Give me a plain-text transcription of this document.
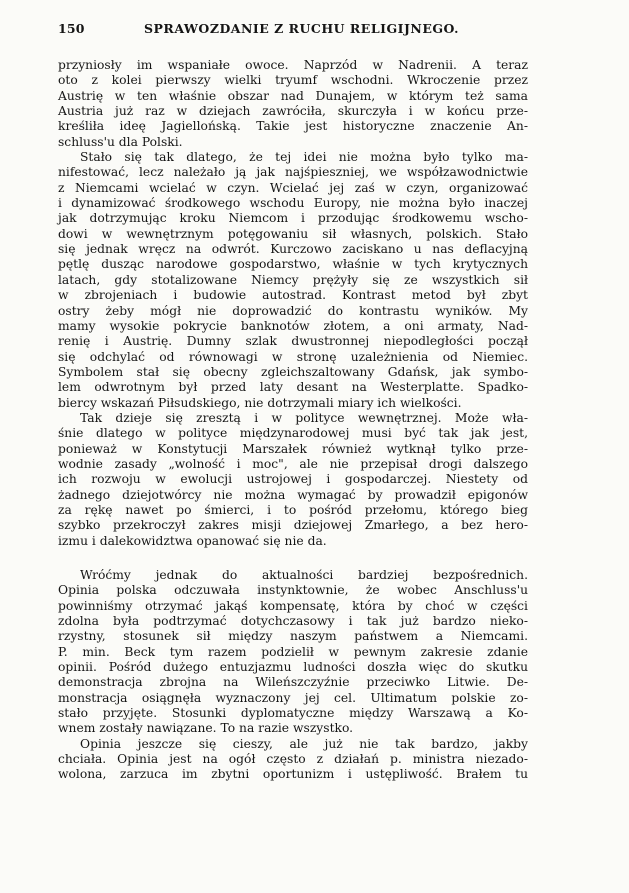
150	SPRAWOZDANIE Z RUCHU RELIGIJNEGO.
przyniosły im wspaniałe owoce. Naprzód w Nadrenii. A teraz
oto z kolei pierwszy wielki tryumf wschodni. Wkroczenie przez
Austrię w ten właśnie obszar nad Dunajem, w którym też sama
Austria już raz w dziejach zawróciła, skurczyła i w końcu prze-
kreśliła ideę Jagiellońską. Takie jest historyczne znaczenie An-
schluss'u dla Polski.
Stało się tak dlatego, że tej idei nie można było tylko ma-
nifestować, lecz należało ją jak najśpieszniej, we współzawodnictwie
z Niemcami wcielać w czyn. Wcielać jej zaś w czyn, organizować
i dynamizować środkowego wschodu Europy, nie można było inaczej
jak dotrzymując kroku Niemcom i przodując środkowemu wscho-
dowi w wewnętrznym potęgowaniu sił własnych, polskich. Stało
się jednak wręcz na odwrót. Kurczowo zaciskano u nas deflacyjną
pętlę dusząc narodowe gospodarstwo, właśnie w tych krytycznych
latach, gdy stotalizowane Niemcy prężyły się ze wszystkich sił
w zbrojeniach i budowie autostrad. Kontrast metod był zbyt
ostry żeby mógł nie doprowadzić do kontrastu wyników. My
mamy wysokie pokrycie banknotów złotem, a oni armaty, Nad-
renię i Austrię. Dumny szlak dwustronnej niepodległości począł
się odchylać od równowagi w stronę uzależnienia od Niemiec.
Symbolem stał się obecny zgleichszaltowany Gdańsk, jak symbo-
lem odwrotnym był przed laty desant na Westerplatte. Spadko-
biercy wskazań Piłsudskiego, nie dotrzymali miary ich wielkości.
Tak dzieje się zresztą i w polityce wewnętrznej. Może wła-
śnie dlatego w polityce międzynarodowej musi być tak jak jest,
ponieważ w Konstytucji Marszałek również wytknął tylko prze-
wodnie zasady „wolność i moc", ale nie przepisał drogi dalszego
ich rozwoju w ewolucji ustrojowej i gospodarczej. Niestety od
żadnego dziejotwórcy nie można wymagać by prowadził epigonów
za rękę nawet po śmierci, i to pośród przełomu, którego bieg
szybko przekroczył zakres misji dziejowej Zmarłego, a bez hero-
izmu i dalekowidztwa opanować się nie da.
Wróćmy jednak do aktualności bardziej bezpośrednich.
Opinia polska odczuwała instynktownie, że wobec Anschluss'u
powinniśmy otrzymać jakąś kompensatę, która by choć w części
zdolna była podtrzymać dotychczasowy i tak już bardzo nieko-
rzystny, stosunek sił między naszym państwem a Niemcami.
P. min. Beck tym razem podzielił w pewnym zakresie zdanie
opinii. Pośród dużego entuzjazmu ludności doszła więc do skutku
demonstracja zbrojna na Wileńszczyźnie przeciwko Litwie. De-
monstracja osiągnęła wyznaczony jej cel. Ultimatum polskie zo-
stało przyjęte. Stosunki dyplomatyczne między Warszawą a Ko-
wnem zostały nawiązane. To na razie wszystko.
Opinia jeszcze się cieszy, ale już nie tak bardzo, jakby
chciała. Opinia jest na ogół często z działań p. ministra niezado-
wolona, zarzuca im zbytni oportunizm i ustępliwość. Brałem tu
